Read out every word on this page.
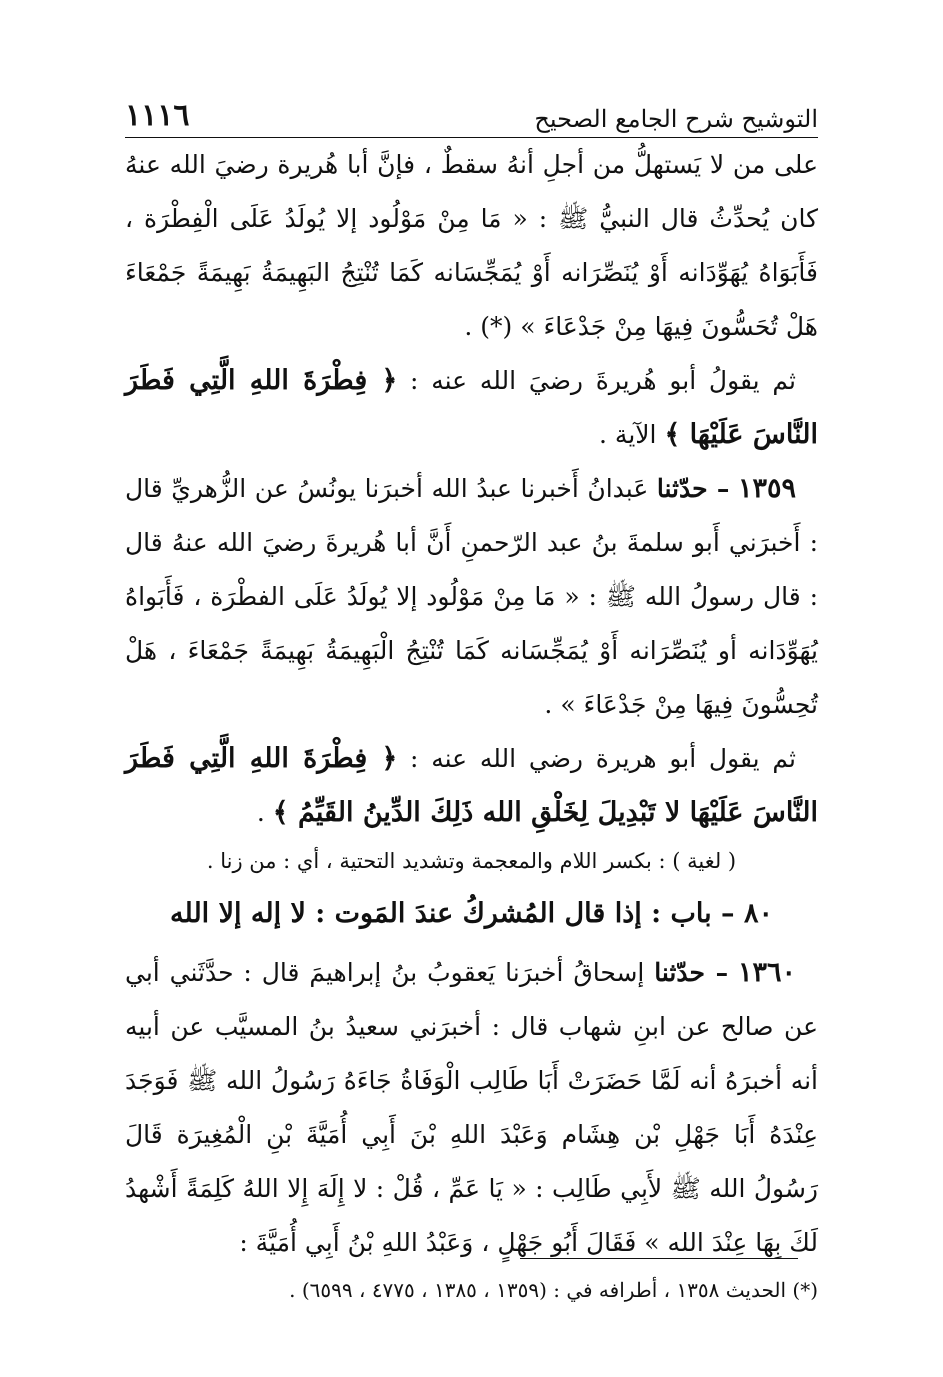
١١١٦	التوشيح شرح الجامع الصحيح

على من لا يَستهلُّ من أجلِ أنهُ سقطٌ ، فإنَّ أبا هُريرة رضيَ الله عنهُ كان يُحدِّثُ قال النبيُّ ﷺ : « مَا مِنْ مَوْلُود إلا يُولَدُ عَلَى الْفِطْرَة ، فَأَبَوَاهُ يُهَوِّدَانه أَوْ يُنَصِّرَانه أَوْ يُمَجِّسَانه كَمَا تُنْتِجُ البَهِيمَةُ بَهِيمَةً جَمْعَاءَ هَلْ تُحَسُّونَ فِيهَا مِنْ جَدْعَاءَ » (*) .

ثم يقولُ أبو هُريرةَ رضيَ الله عنه : ﴿ فِطْرَةَ اللهِ الَّتِي فَطَرَ النَّاسَ عَلَيْهَا ﴾ الآية .

١٣٥٩ – حدّثنا عَبدانُ أَخبرنا عبدُ الله أخبرَنا يونُسُ عن الزُّهريِّ قال : أَخبرَني أَبو سلمةَ بنُ عبد الرّحمنِ أَنَّ أبا هُريرةَ رضيَ الله عنهُ قال : قال رسولُ الله ﷺ : « مَا مِنْ مَوْلُود إلا يُولَدُ عَلَى الفطْرَة ، فَأَبَواهُ يُهَوِّدَانه أو يُنَصِّرَانه أَوْ يُمَجِّسَانه كَمَا تُنْتِجُ الْبَهِيمَةُ بَهِيمَةً جَمْعَاءَ ، هَلْ تُحِسُّونَ فِيهَا مِنْ جَدْعَاءَ » .

ثم يقول أبو هريرة رضي الله عنه : ﴿ فِطْرَةَ اللهِ الَّتِي فَطَرَ النَّاسَ عَلَيْهَا لا تَبْدِيلَ لِخَلْقِ الله ذَلِكَ الدِّينُ القَيِّمُ ﴾ .

( لغية ) : بكسر اللام والمعجمة وتشديد التحتية ، أي : من زنا .

٨٠ – باب : إذا قال المُشركُ عندَ المَوت : لا إله إلا الله

١٣٦٠ – حدّثنا إسحاقُ أخبرَنا يَعقوبُ بنُ إبراهيمَ قال : حدَّثَني أبي عن صالح عن ابنِ شهاب قال : أخبرَني سعيدُ بنُ المسيَّب عن أبيه أنه أخبرَهُ أنه لَمَّا حَضَرَتْ أَبَا طَالِب الْوَفَاةُ جَاءَهُ رَسُولُ الله ﷺ فَوَجَدَ عِنْدَهُ أَبَا جَهْلِ بْن هِشَام وَعَبْدَ اللهِ بْنَ أَبِي أُمَيَّةَ بْنِ الْمُغِيرَة قَالَ رَسُولُ الله ﷺ لأَبِي طَالِب : « يَا عَمِّ ، قُلْ : لا إِلَهَ إِلا اللهُ كَلِمَةً أَشْهدُ لَكَ بِهَا عِنْدَ الله » فَقَالَ أَبُو جَهْلٍ ، وَعَبْدُ اللهِ بْنُ أَبِي أُمَيَّةَ :

(*) الحديث ١٣٥٨ ، أطرافه في : (١٣٥٩ ، ١٣٨٥ ، ٤٧٧٥ ، ٦٥٩٩) .
